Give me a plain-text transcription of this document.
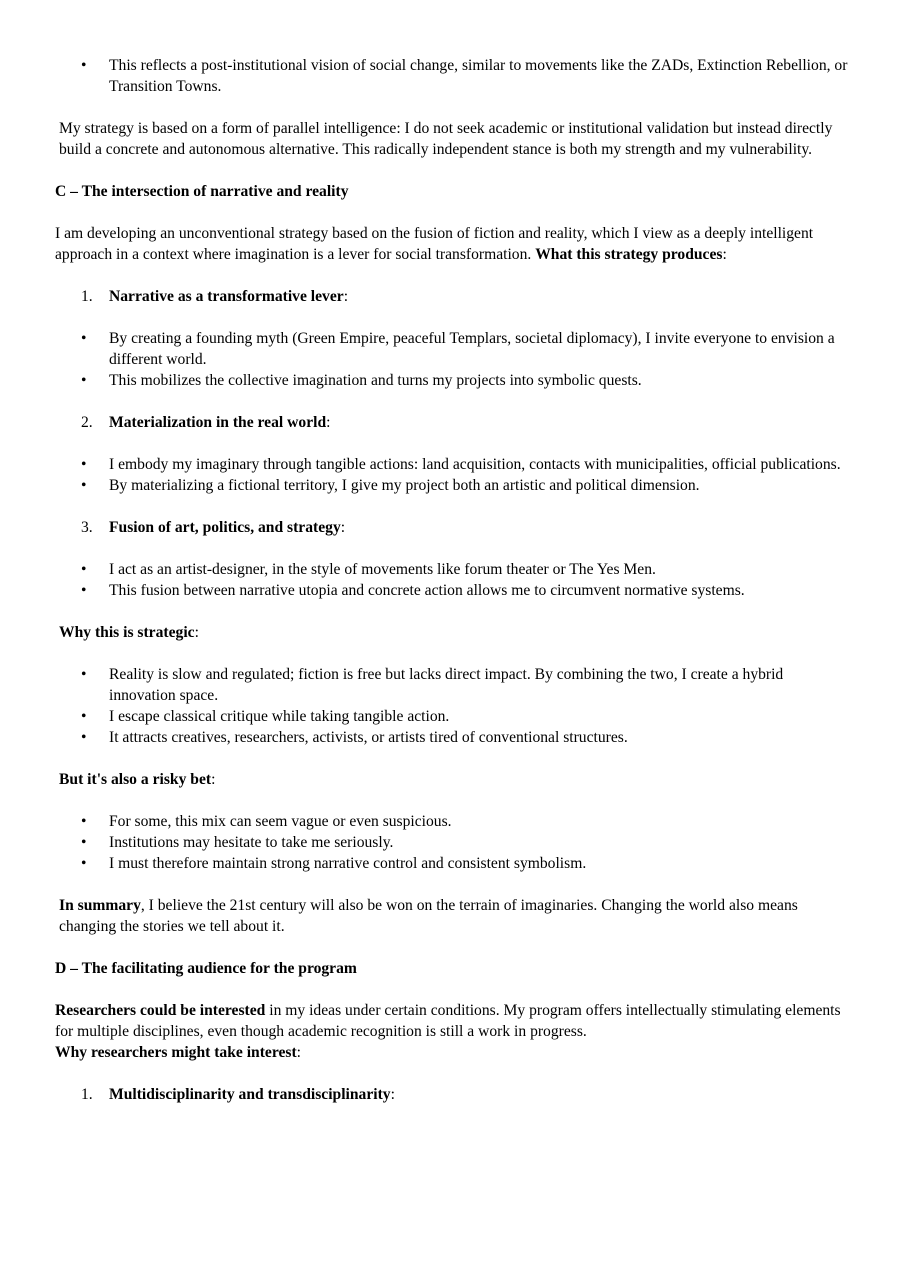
• This reflects a post-institutional vision of social change, similar to movements like the ZADs, Extinction Rebellion, or Transition Towns.

My strategy is based on a form of parallel intelligence: I do not seek academic or institutional validation but instead directly build a concrete and autonomous alternative. This radically independent stance is both my strength and my vulnerability.

C – The intersection of narrative and reality

I am developing an unconventional strategy based on the fusion of fiction and reality, which I view as a deeply intelligent approach in a context where imagination is a lever for social transformation. What this strategy produces:

1. Narrative as a transformative lever:
• By creating a founding myth (Green Empire, peaceful Templars, societal diplomacy), I invite everyone to envision a different world.
• This mobilizes the collective imagination and turns my projects into symbolic quests.
2. Materialization in the real world:
• I embody my imaginary through tangible actions: land acquisition, contacts with municipalities, official publications.
• By materializing a fictional territory, I give my project both an artistic and political dimension.
3. Fusion of art, politics, and strategy:
• I act as an artist-designer, in the style of movements like forum theater or The Yes Men.
• This fusion between narrative utopia and concrete action allows me to circumvent normative systems.

Why this is strategic:

• Reality is slow and regulated; fiction is free but lacks direct impact. By combining the two, I create a hybrid innovation space.
• I escape classical critique while taking tangible action.
• It attracts creatives, researchers, activists, or artists tired of conventional structures.

But it's also a risky bet:

• For some, this mix can seem vague or even suspicious.
• Institutions may hesitate to take me seriously.
• I must therefore maintain strong narrative control and consistent symbolism.

In summary, I believe the 21st century will also be won on the terrain of imaginaries. Changing the world also means changing the stories we tell about it.

D – The facilitating audience for the program

Researchers could be interested in my ideas under certain conditions. My program offers intellectually stimulating elements for multiple disciplines, even though academic recognition is still a work in progress.
Why researchers might take interest:

1. Multidisciplinarity and transdisciplinarity:
